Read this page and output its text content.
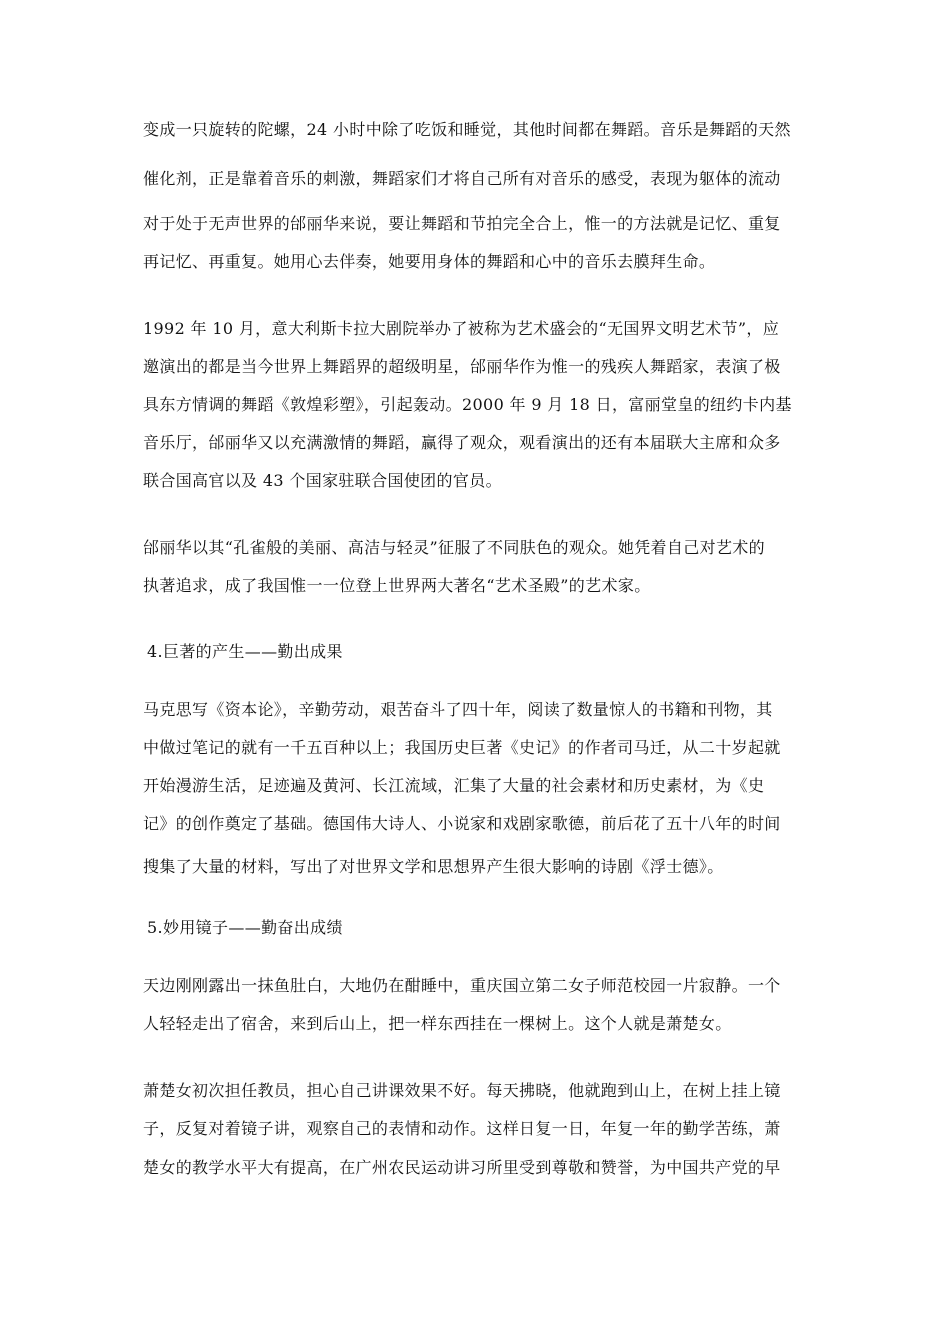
变成一只旋转的陀螺，24 小时中除了吃饭和睡觉，其他时间都在舞蹈。音乐是舞蹈的天然
催化剂，正是靠着音乐的刺激，舞蹈家们才将自己所有对音乐的感受，表现为躯体的流动
对于处于无声世界的邰丽华来说，要让舞蹈和节拍完全合上，惟一的方法就是记忆、重复
再记忆、再重复。她用心去伴奏，她要用身体的舞蹈和心中的音乐去膜拜生命。
1992 年 10 月，意大利斯卡拉大剧院举办了被称为艺术盛会的“无国界文明艺术节”，应
邀演出的都是当今世界上舞蹈界的超级明星，邰丽华作为惟一的残疾人舞蹈家，表演了极
具东方情调的舞蹈《敦煌彩塑》，引起轰动。2000 年 9 月 18 日，富丽堂皇的纽约卡内基
音乐厅，邰丽华又以充满激情的舞蹈，赢得了观众，观看演出的还有本届联大主席和众多
联合国高官以及 43 个国家驻联合国使团的官员。
邰丽华以其“孔雀般的美丽、高洁与轻灵”征服了不同肤色的观众。她凭着自己对艺术的
执著追求，成了我国惟一一位登上世界两大著名“艺术圣殿”的艺术家。
4.巨著的产生——勤出成果
马克思写《资本论》，辛勤劳动，艰苦奋斗了四十年，阅读了数量惊人的书籍和刊物，其
中做过笔记的就有一千五百种以上；我国历史巨著《史记》的作者司马迁，从二十岁起就
开始漫游生活，足迹遍及黄河、长江流域，汇集了大量的社会素材和历史素材，为《史
记》的创作奠定了基础。德国伟大诗人、小说家和戏剧家歌德，前后花了五十八年的时间
搜集了大量的材料，写出了对世界文学和思想界产生很大影响的诗剧《浮士德》。
5.妙用镜子——勤奋出成绩
天边刚刚露出一抹鱼肚白，大地仍在酣睡中，重庆国立第二女子师范校园一片寂静。一个
人轻轻走出了宿舍，来到后山上，把一样东西挂在一棵树上。这个人就是萧楚女。
萧楚女初次担任教员，担心自己讲课效果不好。每天拂晓，他就跑到山上，在树上挂上镜
子，反复对着镜子讲，观察自己的表情和动作。这样日复一日，年复一年的勤学苦练，萧
楚女的教学水平大有提高，在广州农民运动讲习所里受到尊敬和赞誉，为中国共产党的早
